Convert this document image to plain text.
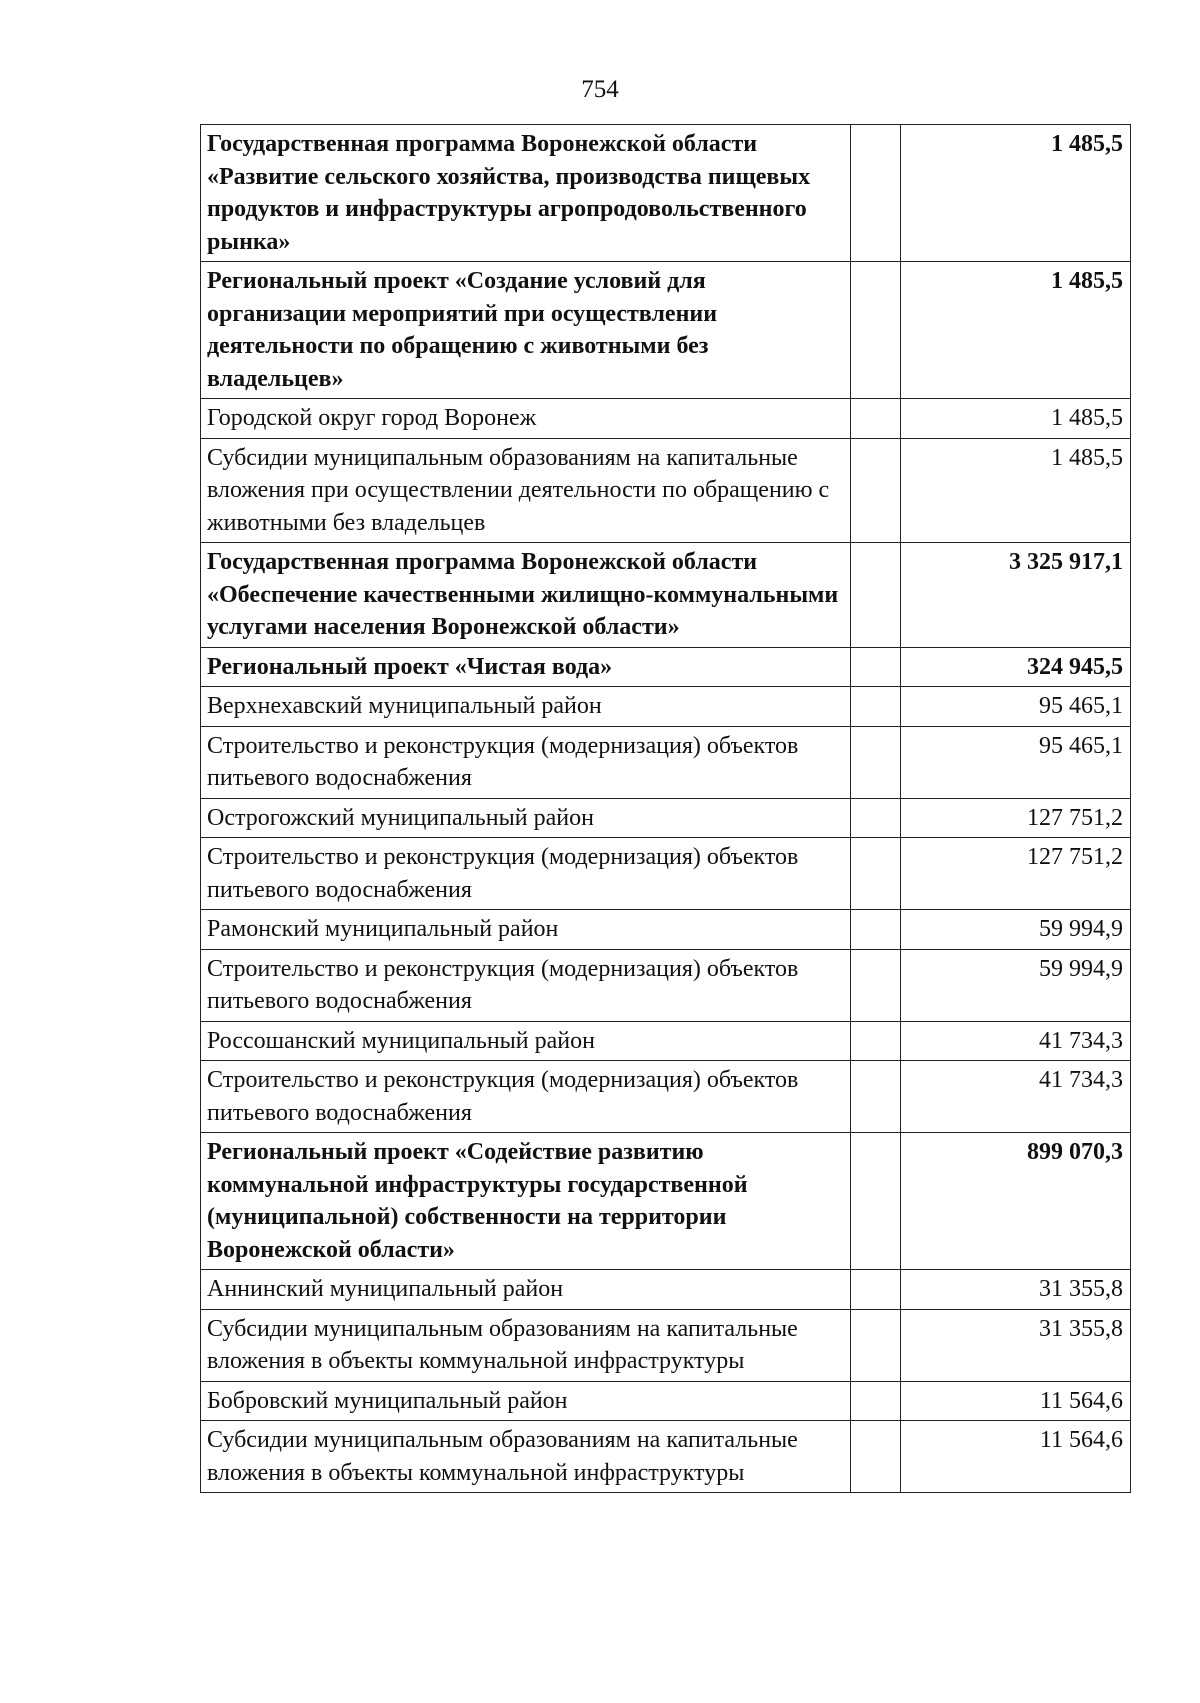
754
Государственная программа Воронежской области «Развитие сельского хозяйства, производства пищевых продуктов и инфраструктуры агропродовольственного рынка»		1 485,5
Региональный проект «Создание условий для организации мероприятий при осуществлении деятельности по обращению с животными без владельцев»		1 485,5
Городской округ город Воронеж		1 485,5
Субсидии муниципальным образованиям на капитальные вложения при осуществлении деятельности по обращению с животными без владельцев		1 485,5
Государственная программа Воронежской области «Обеспечение качественными жилищно-коммунальными услугами населения Воронежской области»		3 325 917,1
Региональный проект «Чистая вода»		324 945,5
Верхнехавский муниципальный район		95 465,1
Строительство и реконструкция (модернизация) объектов питьевого водоснабжения		95 465,1
Острогожский муниципальный район		127 751,2
Строительство и реконструкция (модернизация) объектов питьевого водоснабжения		127 751,2
Рамонский муниципальный район		59 994,9
Строительство и реконструкция (модернизация) объектов питьевого водоснабжения		59 994,9
Россошанский муниципальный район		41 734,3
Строительство и реконструкция (модернизация) объектов питьевого водоснабжения		41 734,3
Региональный проект «Содействие развитию коммунальной инфраструктуры государственной (муниципальной) собственности на территории Воронежской области»		899 070,3
Аннинский муниципальный район		31 355,8
Субсидии муниципальным образованиям на капитальные вложения в объекты коммунальной инфраструктуры		31 355,8
Бобровский муниципальный район		11 564,6
Субсидии муниципальным образованиям на капитальные вложения в объекты коммунальной инфраструктуры		11 564,6
